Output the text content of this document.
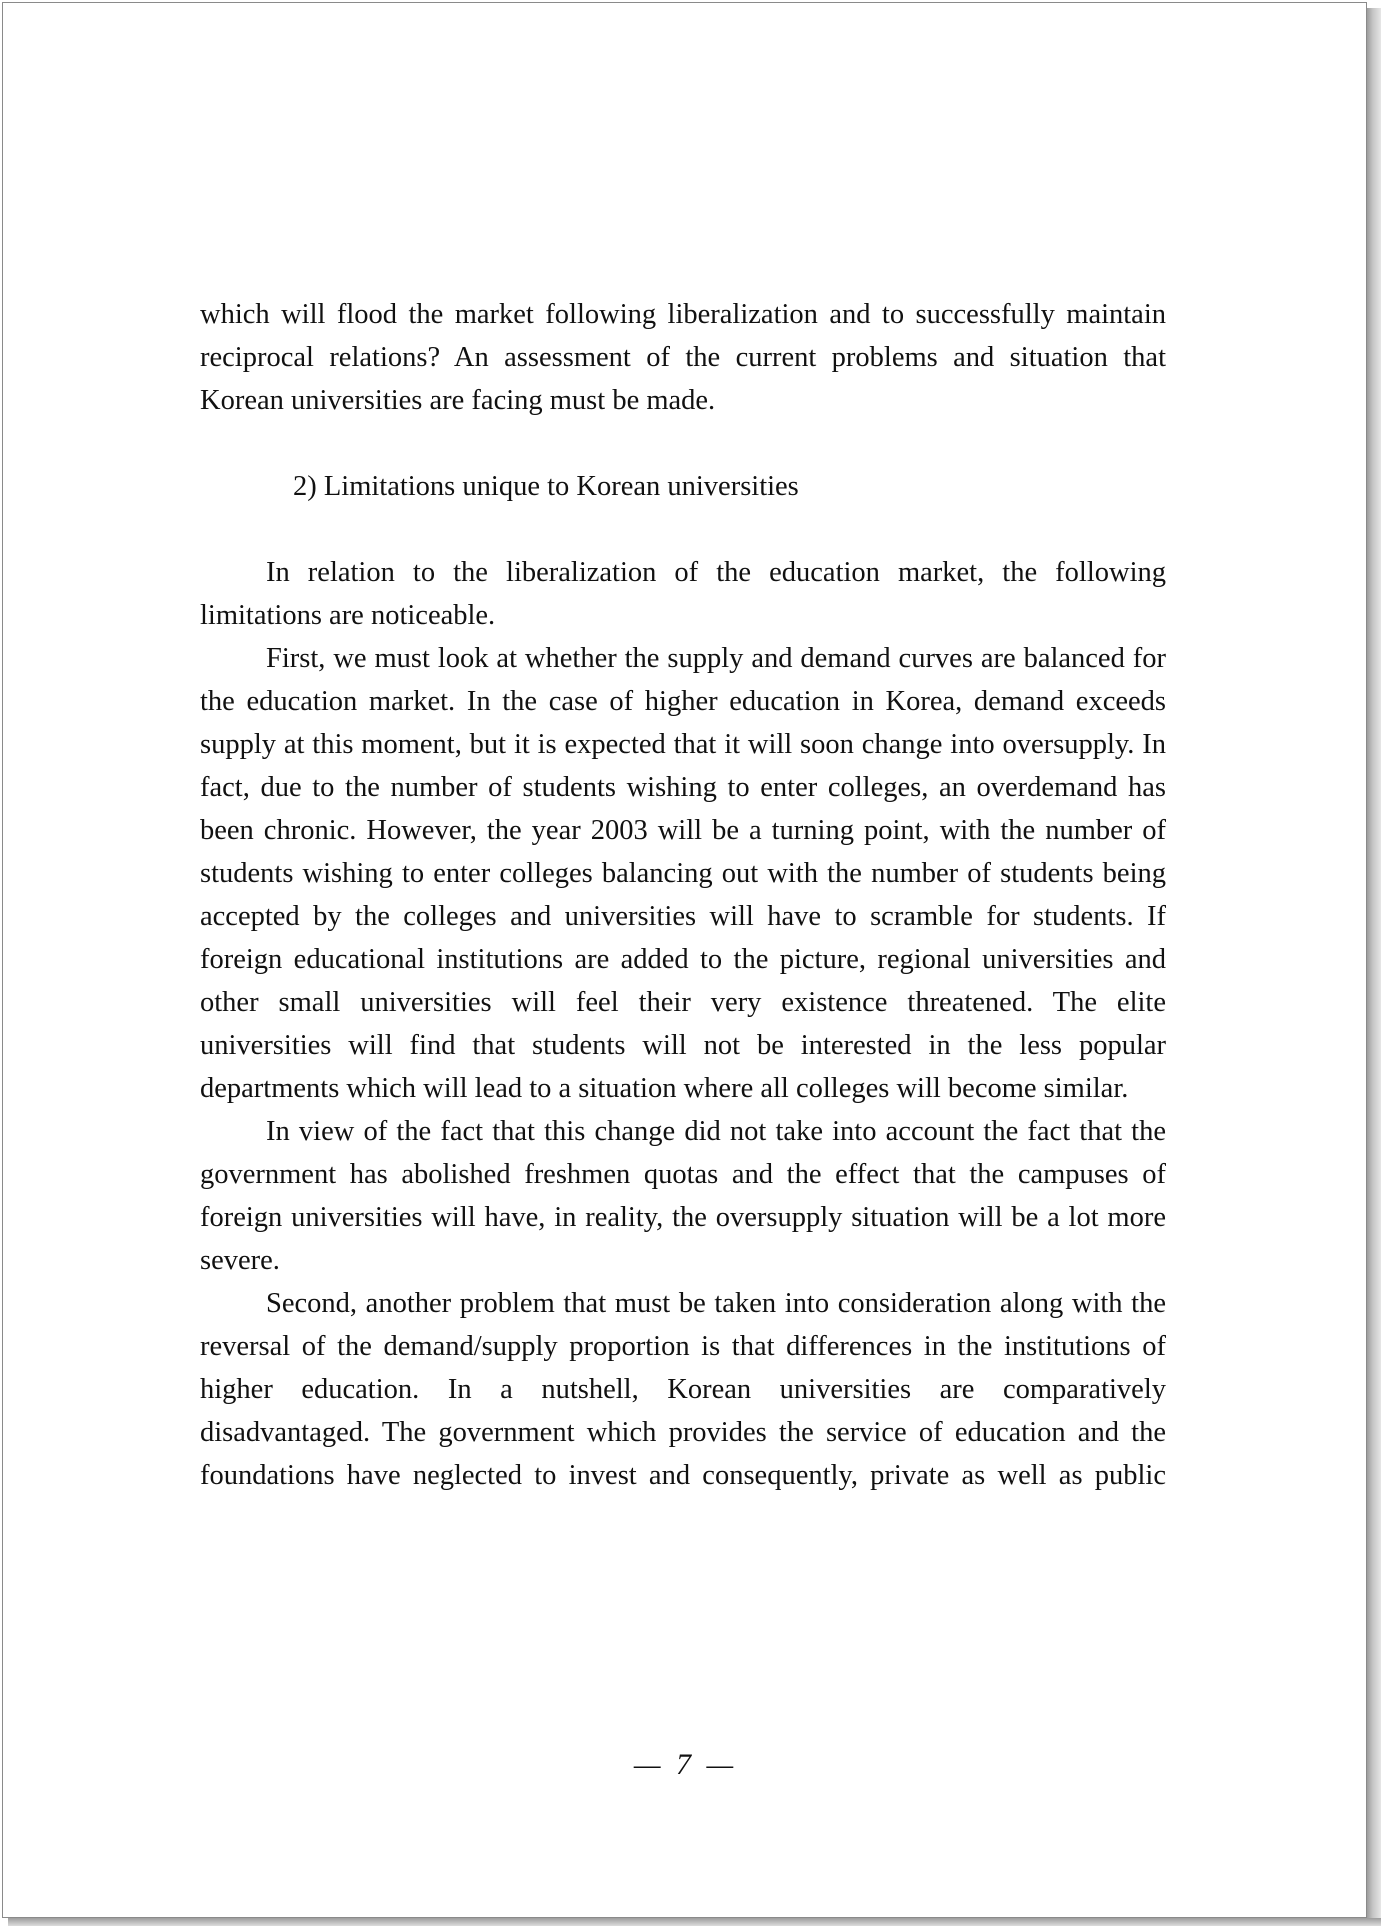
which will flood the market following liberalization and to successfully maintain reciprocal relations? An assessment of the current problems and situation that Korean universities are facing must be made.

2) Limitations unique to Korean universities

In relation to the liberalization of the education market, the following limitations are noticeable.

First, we must look at whether the supply and demand curves are balanced for the education market. In the case of higher education in Korea, demand exceeds supply at this moment, but it is expected that it will soon change into oversupply. In fact, due to the number of students wishing to enter colleges, an overdemand has been chronic. However, the year 2003 will be a turning point, with the number of students wishing to enter colleges balancing out with the number of students being accepted by the colleges and universities will have to scramble for students. If foreign educational institutions are added to the picture, regional universities and other small universities will feel their very existence threatened. The elite universities will find that students will not be interested in the less popular departments which will lead to a situation where all colleges will become similar.

In view of the fact that this change did not take into account the fact that the government has abolished freshmen quotas and the effect that the campuses of foreign universities will have, in reality, the oversupply situation will be a lot more severe.

Second, another problem that must be taken into consideration along with the reversal of the demand/supply proportion is that differences in the institutions of higher education. In a nutshell, Korean universities are comparatively disadvantaged. The government which provides the service of education and the foundations have neglected to invest and consequently, private as well as public

— 7 —
